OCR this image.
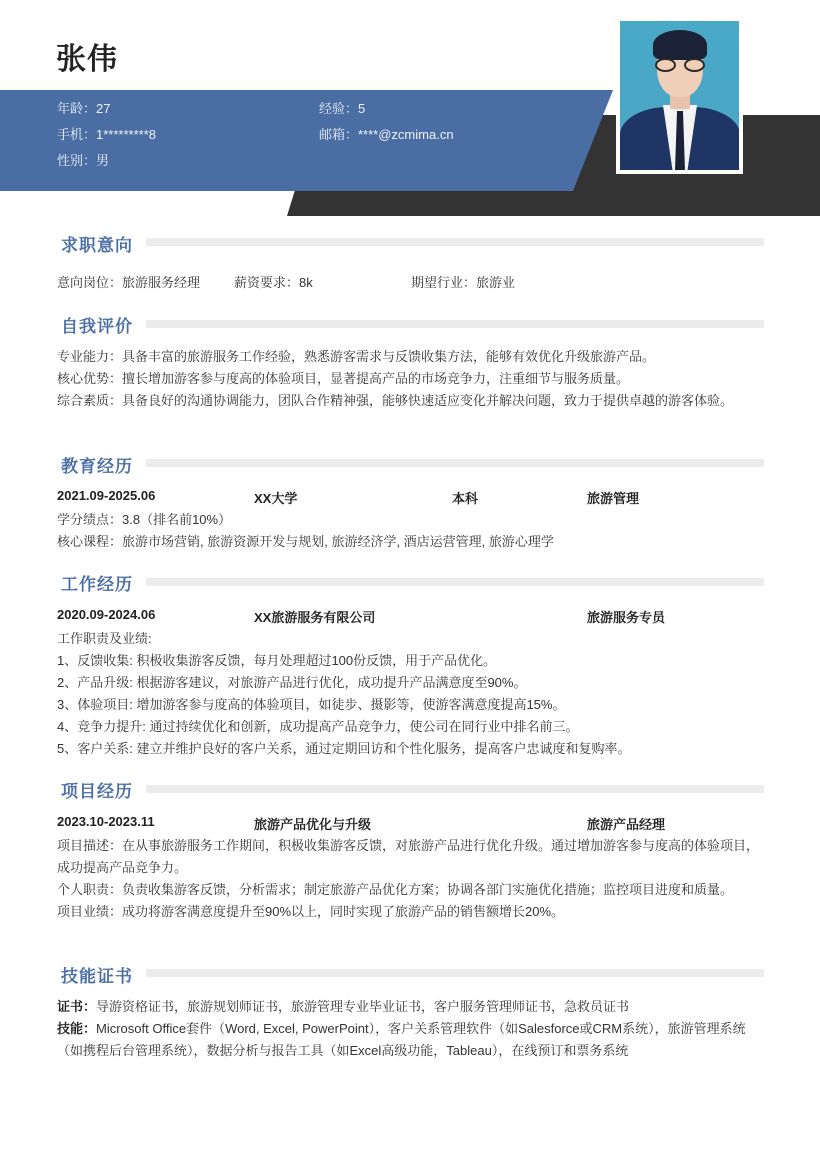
张伟
年龄：27
手机：1*********8
性别：男
经验：5
邮箱：****@zcmima.cn
求职意向
意向岗位：旅游服务经理	薪资要求：8k	期望行业：旅游业
自我评价
专业能力：具备丰富的旅游服务工作经验，熟悉游客需求与反馈收集方法，能够有效优化升级旅游产品。
核心优势：擅长增加游客参与度高的体验项目，显著提高产品的市场竞争力，注重细节与服务质量。
综合素质：具备良好的沟通协调能力，团队合作精神强，能够快速适应变化并解决问题，致力于提供卓越的游客体验。
教育经历
2021.09-2025.06	XX大学	本科	旅游管理
学分绩点：3.8（排名前10%）
核心课程：旅游市场营销, 旅游资源开发与规划, 旅游经济学, 酒店运营管理, 旅游心理学
工作经历
2020.09-2024.06	XX旅游服务有限公司	旅游服务专员
工作职责及业绩:
1、反馈收集: 积极收集游客反馈，每月处理超过100份反馈，用于产品优化。
2、产品升级: 根据游客建议，对旅游产品进行优化，成功提升产品满意度至90%。
3、体验项目: 增加游客参与度高的体验项目，如徒步、摄影等，使游客满意度提高15%。
4、竞争力提升: 通过持续优化和创新，成功提高产品竞争力，使公司在同行业中排名前三。
5、客户关系: 建立并维护良好的客户关系，通过定期回访和个性化服务，提高客户忠诚度和复购率。
项目经历
2023.10-2023.11	旅游产品优化与升级	旅游产品经理
项目描述：在从事旅游服务工作期间，积极收集游客反馈，对旅游产品进行优化升级。通过增加游客参与度高的体验项目，成功提高产品竞争力。
个人职责：负责收集游客反馈，分析需求；制定旅游产品优化方案；协调各部门实施优化措施；监控项目进度和质量。
项目业绩：成功将游客满意度提升至90%以上，同时实现了旅游产品的销售额增长20%。
技能证书
证书：导游资格证书，旅游规划师证书，旅游管理专业毕业证书，客户服务管理师证书，急救员证书
技能：Microsoft Office套件（Word, Excel, PowerPoint），客户关系管理软件（如Salesforce或CRM系统），旅游管理系统（如携程后台管理系统），数据分析与报告工具（如Excel高级功能，Tableau），在线预订和票务系统
